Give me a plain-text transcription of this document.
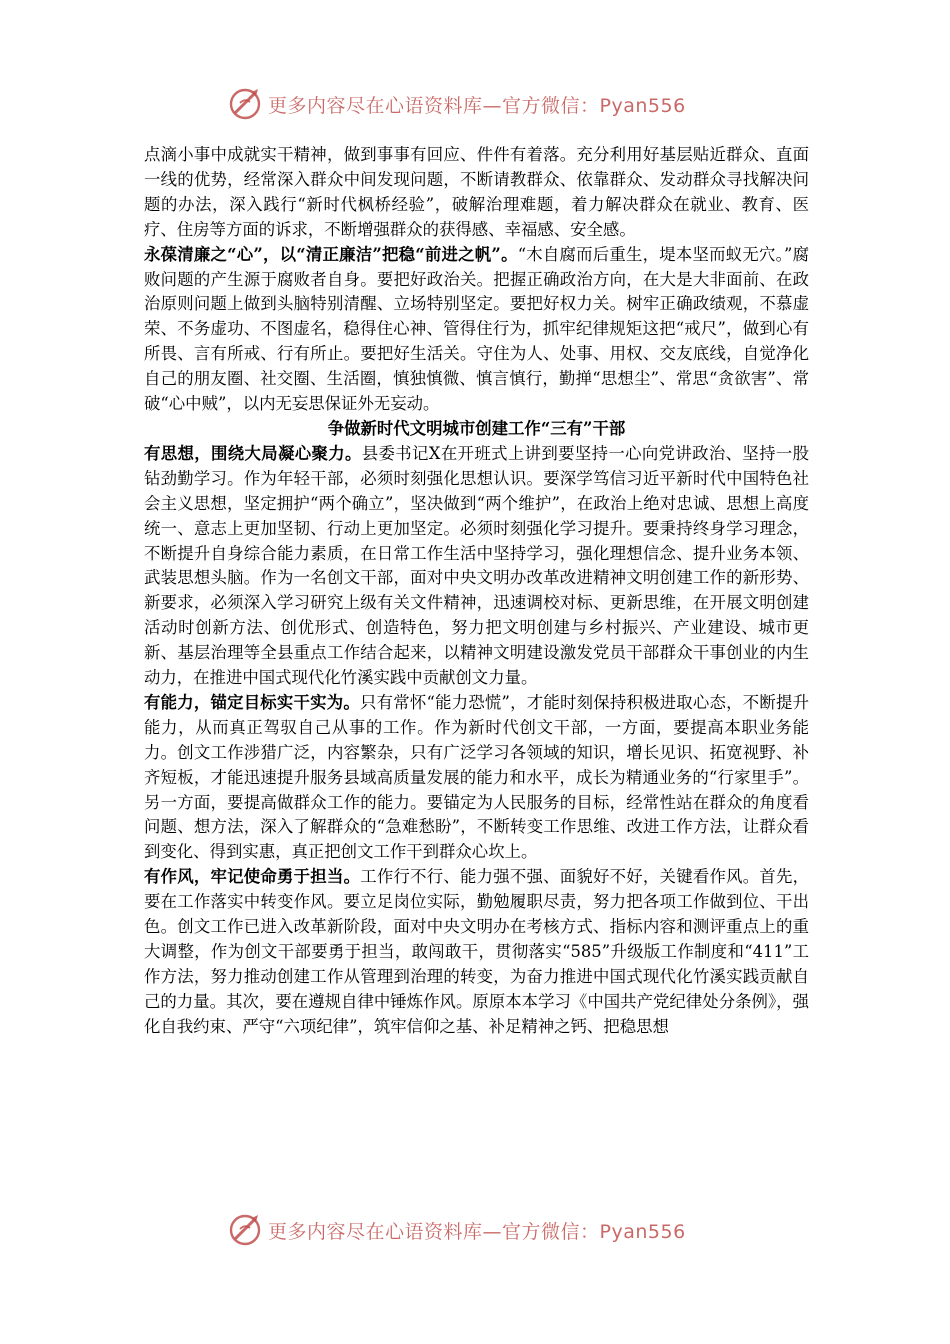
更多内容尽在心语资料库—官方微信：Pyan556

点滴小事中成就实干精神，做到事事有回应、件件有着落。充分利用好基层贴近群众、直面一线的优势，经常深入群众中间发现问题，不断请教群众、依靠群众、发动群众寻找解决问题的办法，深入践行“新时代枫桥经验”，破解治理难题，着力解决群众在就业、教育、医疗、住房等方面的诉求，不断增强群众的获得感、幸福感、安全感。

永葆清廉之“心”，以“清正廉洁”把稳“前进之帆”。“木自腐而后重生，堤本坚而蚁无穴。”腐败问题的产生源于腐败者自身。要把好政治关。把握正确政治方向，在大是大非面前、在政治原则问题上做到头脑特别清醒、立场特别坚定。要把好权力关。树牢正确政绩观，不慕虚荣、不务虚功、不图虚名，稳得住心神、管得住行为，抓牢纪律规矩这把“戒尺”，做到心有所畏、言有所戒、行有所止。要把好生活关。守住为人、处事、用权、交友底线，自觉净化自己的朋友圈、社交圈、生活圈，慎独慎微、慎言慎行，勤掸“思想尘”、常思“贪欲害”、常破“心中贼”，以内无妄思保证外无妄动。

争做新时代文明城市创建工作“三有”干部

有思想，围绕大局凝心聚力。县委书记X在开班式上讲到要坚持一心向党讲政治、坚持一股钻劲勤学习。作为年轻干部，必须时刻强化思想认识。要深学笃信习近平新时代中国特色社会主义思想，坚定拥护“两个确立”，坚决做到“两个维护”，在政治上绝对忠诚、思想上高度统一、意志上更加坚韧、行动上更加坚定。必须时刻强化学习提升。要秉持终身学习理念，不断提升自身综合能力素质，在日常工作生活中坚持学习，强化理想信念、提升业务本领、武装思想头脑。作为一名创文干部，面对中央文明办改革改进精神文明创建工作的新形势、新要求，必须深入学习研究上级有关文件精神，迅速调校对标、更新思维，在开展文明创建活动时创新方法、创优形式、创造特色，努力把文明创建与乡村振兴、产业建设、城市更新、基层治理等全县重点工作结合起来，以精神文明建设激发党员干部群众干事创业的内生动力，在推进中国式现代化竹溪实践中贡献创文力量。

有能力，锚定目标实干实为。只有常怀“能力恐慌”，才能时刻保持积极进取心态，不断提升能力，从而真正驾驭自己从事的工作。作为新时代创文干部，一方面，要提高本职业务能力。创文工作涉猎广泛，内容繁杂，只有广泛学习各领域的知识，增长见识、拓宽视野、补齐短板，才能迅速提升服务县域高质量发展的能力和水平，成长为精通业务的“行家里手”。另一方面，要提高做群众工作的能力。要锚定为人民服务的目标，经常性站在群众的角度看问题、想方法，深入了解群众的“急难愁盼”，不断转变工作思维、改进工作方法，让群众看到变化、得到实惠，真正把创文工作干到群众心坎上。

有作风，牢记使命勇于担当。工作行不行、能力强不强、面貌好不好，关键看作风。首先，要在工作落实中转变作风。要立足岗位实际，勤勉履职尽责，努力把各项工作做到位、干出色。创文工作已进入改革新阶段，面对中央文明办在考核方式、指标内容和测评重点上的重大调整，作为创文干部要勇于担当，敢闯敢干，贯彻落实“585”升级版工作制度和“411”工作方法，努力推动创建工作从管理到治理的转变，为奋力推进中国式现代化竹溪实践贡献自己的力量。其次，要在遵规自律中锤炼作风。原原本本学习《中国共产党纪律处分条例》，强化自我约束、严守“六项纪律”，筑牢信仰之基、补足精神之钙、把稳思想

更多内容尽在心语资料库—官方微信：Pyan556
